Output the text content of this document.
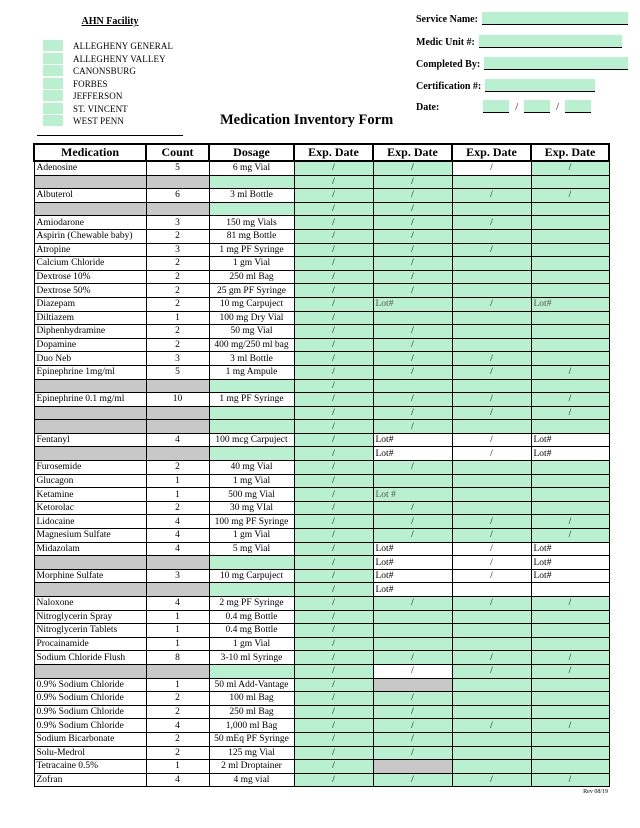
AHN Facility
ALLEGHENY GENERAL
ALLEGHENY VALLEY
CANONSBURG
FORBES
JEFFERSON
ST. VINCENT
WEST PENN
Service Name:
Medic Unit #:
Completed By:
Certification #:
Date:	/	/
Medication Inventory Form
Medication	Count	Dosage	Exp. Date	Exp. Date	Exp. Date	Exp. Date
Adenosine	5	6 mg Vial	/	/	/	/
			/	/		
Albuterol	6	3 ml Bottle	/	/	/	/
			/	/		
Amiodarone	3	150 mg Vials	/	/	/	
Aspirin (Chewable baby)	2	81 mg Bottle	/	/		
Atropine	3	1 mg PF Syringe	/	/	/	
Calcium Chloride	2	1 gm Vial	/	/		
Dextrose 10%	2	250 ml Bag	/	/		
Dextrose 50%	2	25 gm PF Syringe	/	/		
Diazepam	2	10 mg Carpuject	/	Lot#	/	Lot#
Diltiazem	1	100 mg Dry Vial	/			
Diphenhydramine	2	50 mg Vial	/	/		
Dopamine	2	400 mg/250 ml bag	/	/		
Duo Neb	3	3 ml Bottle	/	/	/	
Epinephrine 1mg/ml	5	1 mg Ampule	/	/	/	/
			/			
Epinephrine 0.1 mg/ml	10	1 mg PF Syringe	/	/	/	/
			/	/	/	/
			/	/		
Fentanyl	4	100 mcg Carpuject	/	Lot#	/	Lot#
			/	Lot#	/	Lot#
Furosemide	2	40 mg Vial	/	/		
Glucagon	1	1 mg Vial	/			
Ketamine	1	500 mg Vial	/	Lot #		
Ketorolac	2	30 mg VIal	/	/		
Lidocaine	4	100 mg PF Syringe	/	/	/	/
Magnesium Sulfate	4	1 gm Vial	/	/	/	/
Midazolam	4	5 mg Vial	/	Lot#	/	Lot#
			/	Lot#	/	Lot#
Morphine Sulfate	3	10 mg Carpuject	/	Lot#	/	Lot#
			/	Lot#		
Naloxone	4	2 mg PF Syringe	/	/	/	/
Nitroglycerin Spray	1	0.4 mg Bottle	/			
Nitroglycerin Tablets	1	0.4 mg Bottle	/			
Procainamide	1	1 gm Vial	/			
Sodium Chloride Flush	8	3-10 ml Syringe	/	/	/	/
			/	/	/	/
0.9% Sodium Chloride	1	50 ml Add-Vantage	/			
0.9% Sodium Chloride	2	100 ml Bag	/	/		
0.9% Sodium Chloride	2	250 ml Bag	/	/		
0.9% Sodium Chloride	4	1,000 ml Bag	/	/	/	/
Sodium Bicarbonate	2	50 mEq PF Syringe	/	/		
Solu-Medrol	2	125 mg Vial	/	/		
Tetracaine 0.5%	1	2 ml Droptainer	/			
Zofran	4	4 mg vial	/	/	/	/
Rev 08/19
